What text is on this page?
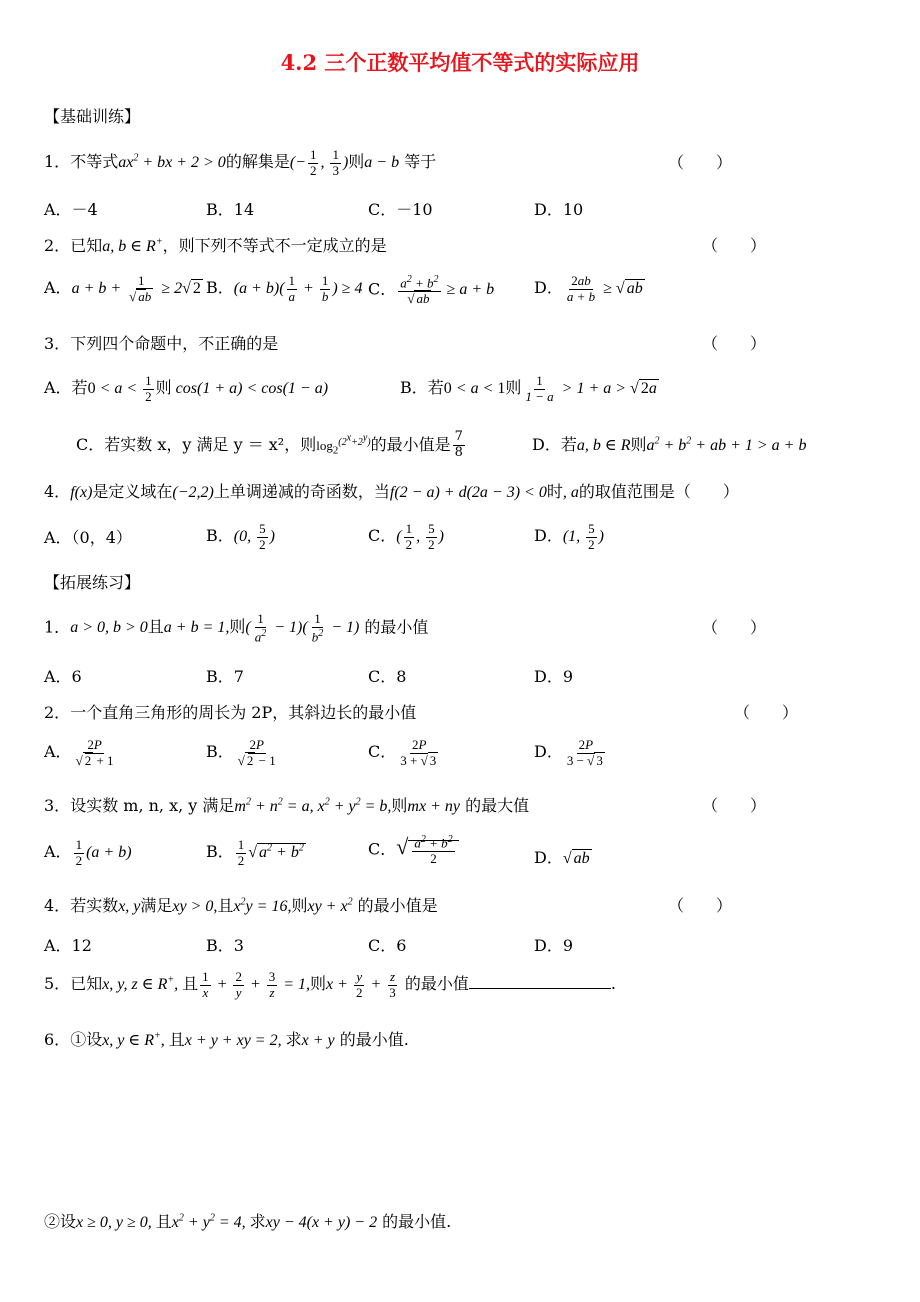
4.2 三个正数平均值不等式的实际应用
【基础训练】
1．不等式$ax^2$ + bx + 2 > 0的解集是(− $\frac{1}{2}$ , $\frac{1}{3}$ )则a − b 等于	（　　）
A．－4	B．14	C．－10	D．10
2．已知a, b ∈ R+，则下列不等式不一定成立的是	（　　）
A．$a + b + \frac{1}{√ ab} \ge 2√$ 2 B．$(a + b)( \frac{1}{a} + \frac{1}{b}$ ) ≥ 4 C． $\frac{a^2 + b^2}{√ ab} \ge a + b$ D． $\frac{2ab}{a + b}$ ≥ √ ab
3．下列四个命题中，不正确的是	（　　）
A．若$0 < a < \frac{1}{2}$ 则 cos(1 + a) < cos(1 − a)	B．若0 < a < 1则 $\frac{1}{1 - a} > 1 + a$ > √ 2a
C．若实数 x，y 满足 y ＝ x²，则$\log_2^{(2^x+2^y)}$的最小值是 $\frac{7}{8}$	D．若a, b ∈ R则$a^2 + b^2$ + ab + 1 > a + b
4．f(x)是定义域在(−2,2)上单调递减的奇函数，当f(2 − a) + d(2a − 3) < 0时, a的取值范围是（　　）
A．（0，4）	B．(0, $\frac{5}{2}$ )	C．( $\frac{1}{2}$ , $\frac{5}{2}$ )	D．(1, $\frac{5}{2}$ )
【拓展练习】
1．a > 0, b > 0且a + b = 1,则( $\frac{1}{a^2} - 1)( \frac{1}{b^2} - 1)$ 的最小值	（　　）
A．6	B．7	C．8	D．9
2．一个直角三角形的周长为 2P，其斜边长的最小值	（　　）
A． $\frac{2P}{√ 2 + 1}$	B． $\frac{2P}{√ 2 - 1}$	C． $\frac{2P}{3 + √ 3}$	D． $\frac{2P}{3 - √ 3}$
3．设实数 m, n, x, y 满足$m^2 + n^2 = a$, $x^2 + y^2 = b$,则mx + ny 的最大值	（　　）
A． $\frac{1}{2} (a + b)$	B． $\frac{1}{2}$ √ $a^2 + b^2$	C．√ $\frac{a^2 + b^2}{2}$	D．√ ab
4．若实数x, y满足xy > 0,且$x^2y = 16$,则xy + $x^2$ 的最小值是	（　　）
A．12	B．3	C．6	D．9
5．已知x, y, z ∈ R+, 且 $\frac{1}{x} + \frac{2}{y} + \frac{3}{z} = 1$,则$x + \frac{y}{2} + \frac{z}{3}$ 的最小值	.
6．①设x, y ∈ R+, 且x + y + xy = 2, 求x + y 的最小值.
②设x ≥ 0, y ≥ 0, 且$x^2 + y^2 = 4$, 求xy − 4(x + y) − 2 的最小值.
